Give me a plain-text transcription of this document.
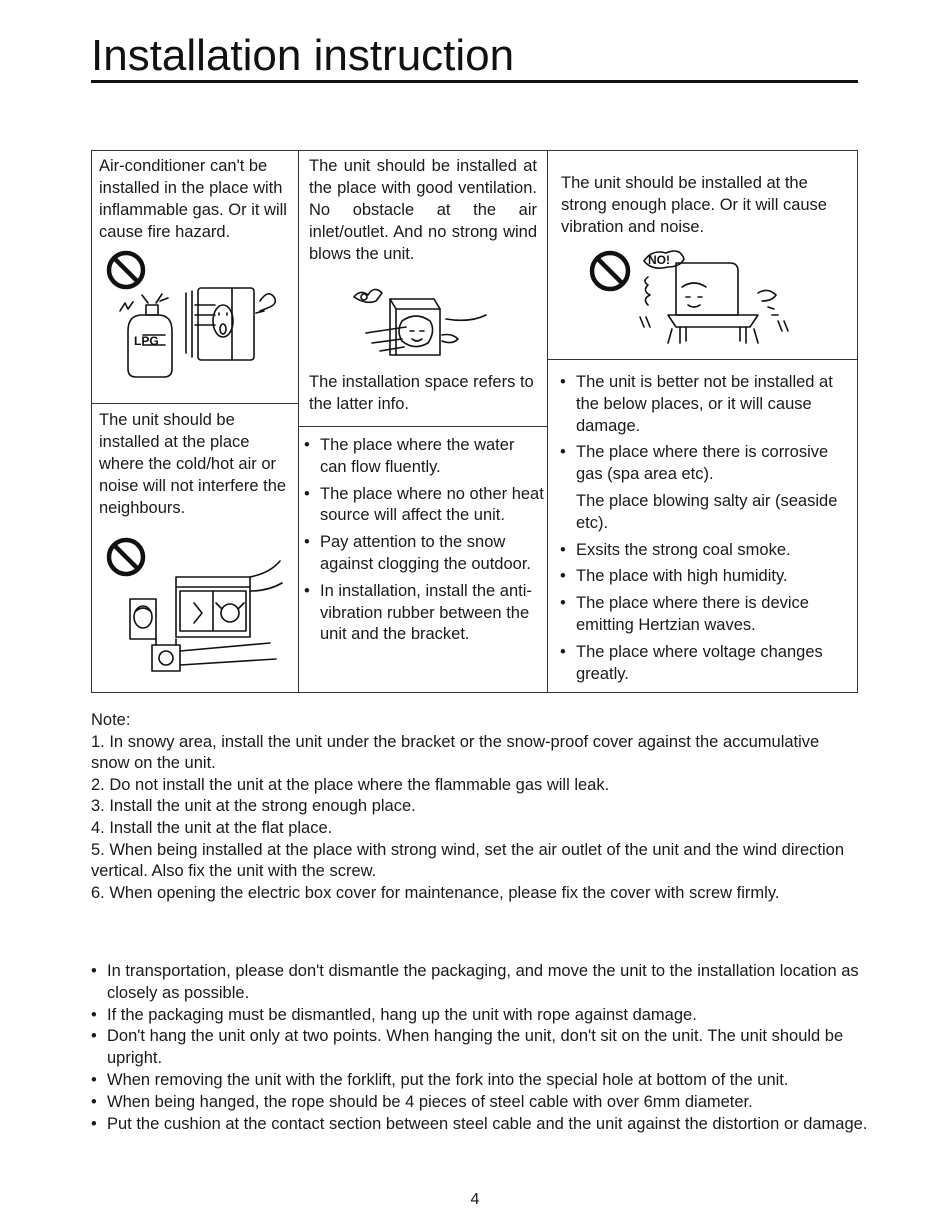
Installation instruction
Air-conditioner can't be installed in the place with inflammable gas. Or it will cause fire hazard.
LPG
The unit should be installed at the place with good ventilation. No obstacle at the air inlet/outlet. And no strong wind blows the unit.
The installation space refers to the latter info.
The unit should be installed at the strong enough place. Or it will cause vibration and noise.
NO!
The unit should be installed at the place where the cold/hot air or noise will not interfere the neighbours.
• The place where the water can flow fluently.
• The place where no other heat source will affect the unit.
• Pay attention to the snow against clogging the outdoor.
• In installation, install the anti-vibration rubber between the unit and the bracket.
• The unit is better not be installed at the below places, or it will cause damage.
• The place where there is corrosive gas (spa area etc).
The place blowing salty air (seaside etc).
• Exsits the strong coal smoke.
• The place with high humidity.
• The place where there is device emitting Hertzian waves.
• The place where voltage changes greatly.

Note:

1. In snowy area, install the unit under the bracket or the snow-proof cover against the accumulative snow on the unit.

2. Do not install the unit at the place where the flammable gas will leak.

3. Install the unit at the strong enough place.

4. Install the unit at the flat place.

5. When being installed at the place with strong wind, set the air outlet of the unit and the wind direction vertical. Also fix the unit with the screw.

6. When opening the electric box cover for maintenance, please fix the cover with screw firmly.

• In transportation, please don't dismantle the packaging, and move the unit to the installation location as closely as possible.
• If the packaging must be dismantled, hang up the unit with rope against damage.
• Don't hang the unit only at two points. When hanging the unit, don't sit on the unit. The unit should be upright.
• When removing the unit with the forklift, put the fork into the special hole at bottom of the unit.
• When being hanged, the rope should be 4 pieces of steel cable with over 6mm diameter.
• Put the cushion at the contact section between steel cable and the unit against the distortion or damage.
4
